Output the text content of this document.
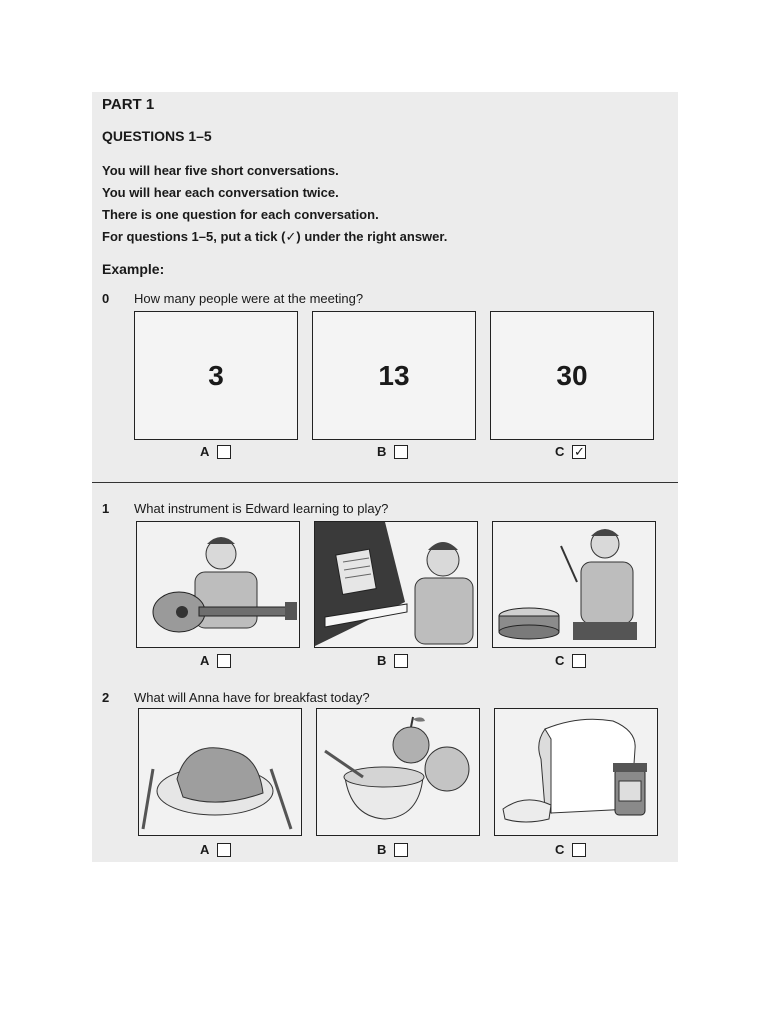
PART 1
QUESTIONS 1–5
You will hear five short conversations.
You will hear each conversation twice.
There is one question for each conversation.
For questions 1–5, put a tick (✓) under the right answer.
Example:
0 How many people were at the meeting?
3	13	30
A	B	C ✓
1 What instrument is Edward learning to play?
A	B	C
2 What will Anna have for breakfast today?
A	B	C
